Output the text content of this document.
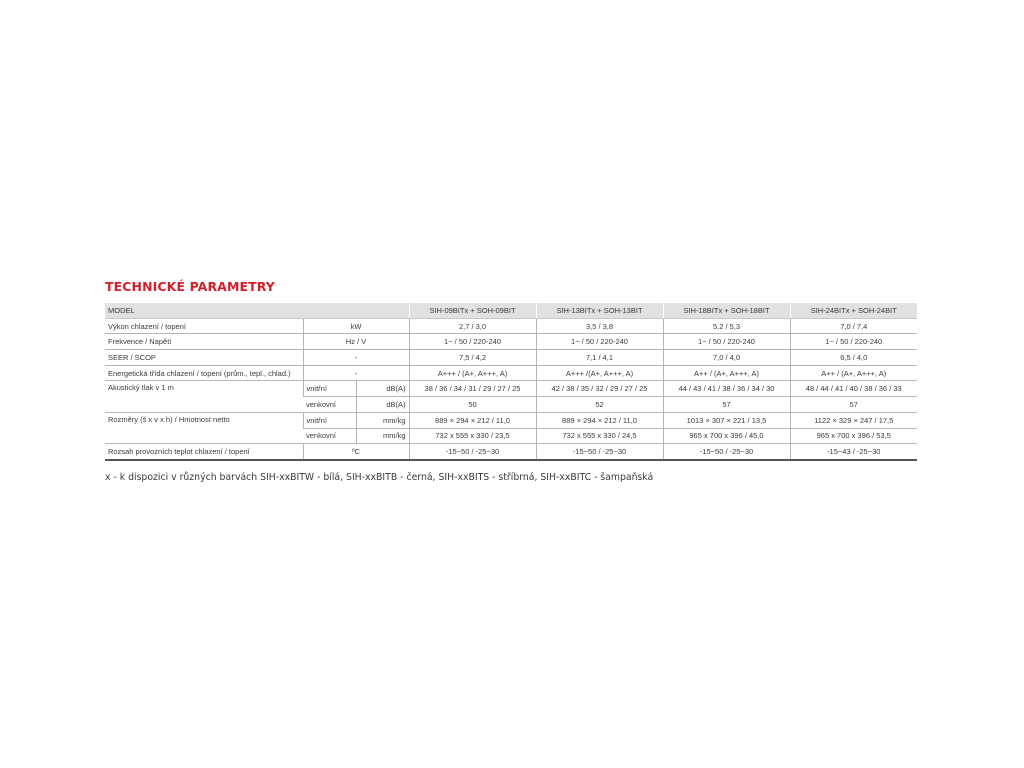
TECHNICKÉ PARAMETRY
MODEL			SIH-09BITx + SOH-09BIT	SIH-13BITx + SOH-13BIT	SIH-18BITx + SOH-18BIT	SIH-24BITx + SOH-24BIT
Výkon chlazení / topení	kW		2,7 / 3,0	3,5 / 3,8	5,2 / 5,3	7,0 / 7,4
Frekvence / Napětí	Hz / V		1~ / 50 / 220-240	1~ / 50 / 220-240	1~ / 50 / 220-240	1~ / 50 / 220-240
SEER / SCOP	-		7,5 / 4,2	7,1 / 4,1	7,0 / 4,0	6,5 / 4,0
Energetická třída chlazení / topení (prům., tepl., chlad.)	-		A+++ / (A+, A+++, A)	A+++ /(A+, A+++, A)	A++ / (A+, A+++, A)	A++ / (A+, A+++, A)
Akustický tlak v 1 m	vnitřní	dB(A)	38 / 36 / 34 / 31 / 29 / 27 / 25	42 / 38 / 35 / 32 / 29 / 27 / 25	44 / 43 / 41 / 38 / 36 / 34 / 30	48 / 44 / 41 / 40 / 38 / 36 / 33
	venkovní	dB(A)	50	52	57	57
Rozměry (š x v x h) / Hmotnost netto	vnitřní	mm/kg	889 × 294 × 212 / 11,0	889 × 294 × 212 / 11,0	1013 × 307 × 221 / 13,5	1122 × 329 × 247 / 17,5
	venkovní	mm/kg	732 x 555 x 330 / 23,5	732 x 555 x 330 / 24,5	965 x 700 x 396 / 45,0	965 x 700 x 396 / 53,5
Rozsah provozních teplot chlazení / topení	ºC		-15~50 / -25~30	-15~50 / -25~30	-15~50 / -25~30	-15~43 / -25~30
x - k dispozici v různých barvách SIH-xxBITW - bílá, SIH-xxBITB - černá, SIH-xxBITS - stříbrná, SIH-xxBITC - šampaňská
